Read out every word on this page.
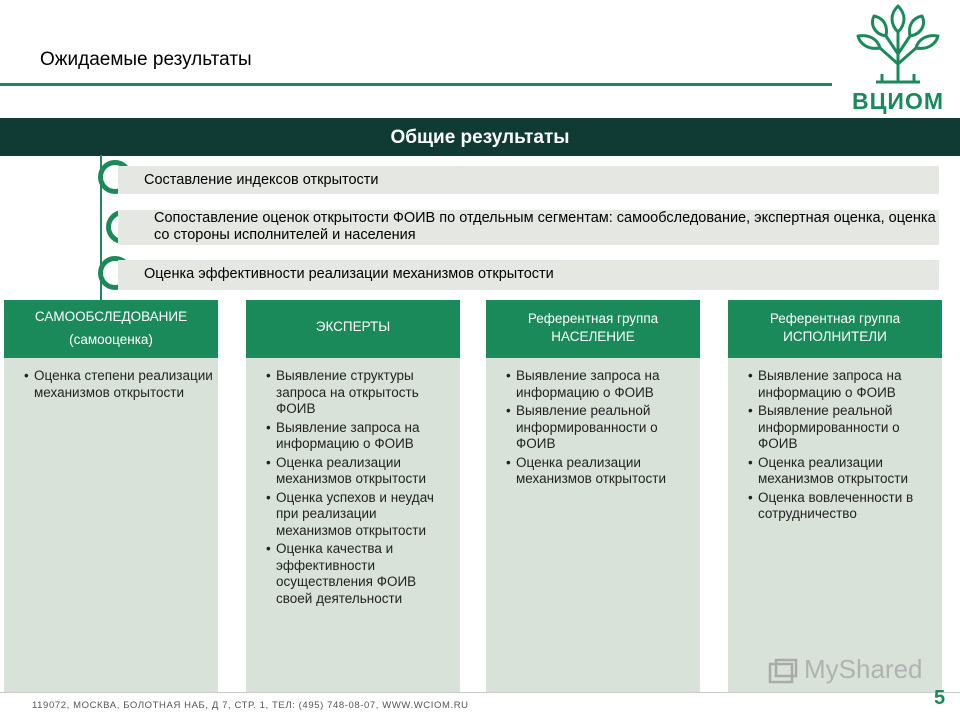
Ожидаемые результаты
ВЦИОМ
Общие результаты
Составление индексов открытости
Сопоставление оценок открытости ФОИВ по отдельным сегментам: самообследование, экспертная оценка, оценка со стороны исполнителей и населения
Оценка эффективности реализации механизмов открытости
САМООБСЛЕДОВАНИЕ
(самооценка)
• Оценка степени реализации механизмов открытости
ЭКСПЕРТЫ
• Выявление структуры запроса на открытость ФОИВ
• Выявление запроса на информацию о ФОИВ
• Оценка реализации механизмов открытости
• Оценка успехов и неудач при реализации механизмов открытости
• Оценка качества и эффективности осуществления ФОИВ своей деятельности
Референтная группа
НАСЕЛЕНИЕ
• Выявление запроса на информацию о ФОИВ
• Выявление реальной информированности о ФОИВ
• Оценка реализации механизмов открытости
Референтная группа
ИСПОЛНИТЕЛИ
• Выявление запроса на информацию о ФОИВ
• Выявление реальной информированности о ФОИВ
• Оценка реализации механизмов открытости
• Оценка вовлеченности в сотрудничество
MyShared
119072, МОСКВА, БОЛОТНАЯ НАБ, Д 7, СТР. 1, ТЕЛ: (495) 748-08-07, WWW.WCIOM.RU	5
